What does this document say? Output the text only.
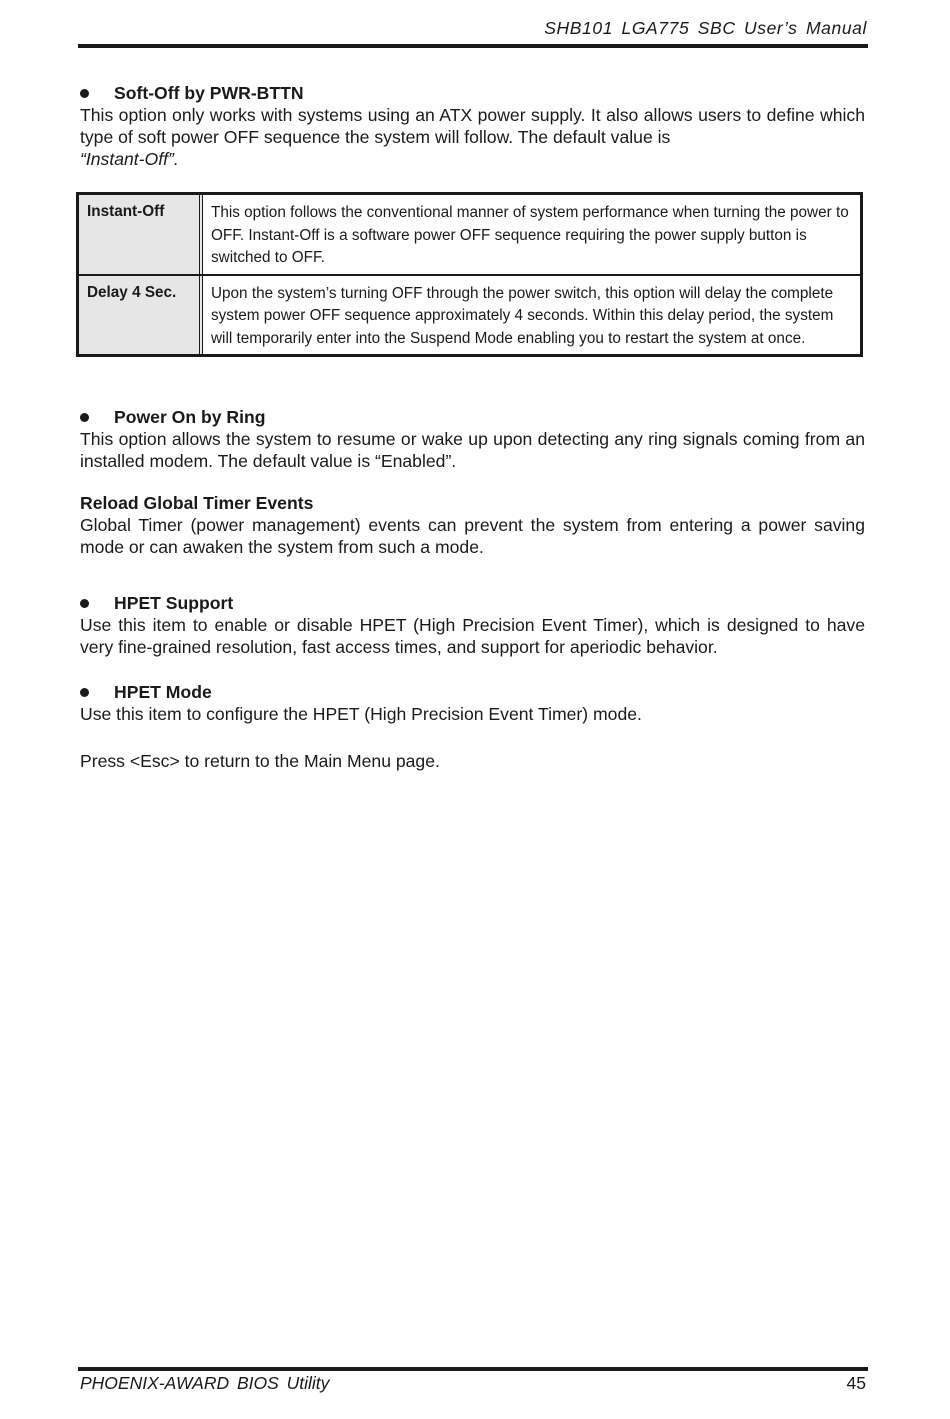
SHB101 LGA775 SBC User’s Manual
Soft-Off by PWR-BTTN

This option only works with systems using an ATX power supply. It also allows users to define which type of soft power OFF sequence the system will follow. The default value is
“Instant-Off”.

Power On by Ring

This option allows the system to resume or wake up upon detecting any ring signals coming from an installed modem. The default value is “Enabled”.

Reload Global Timer Events

Global Timer (power management) events can prevent the system from entering a power saving mode or can awaken the system from such a mode.

HPET Support

Use this item to enable or disable HPET (High Precision Event Timer), which is designed to have very fine-grained resolution, fast access times, and support for aperiodic behavior.

HPET Mode

Use this item to configure the HPET (High Precision Event Timer) mode.

Press <Esc> to return to the Main Menu page.

Instant-Off	This option follows the conventional manner of system performance when turning the power to OFF. Instant-Off is a software power OFF sequence requiring the power supply button is switched to OFF.
Delay 4 Sec.	Upon the system’s turning OFF through the power switch, this option will delay the complete system power OFF sequence approximately 4 seconds. Within this delay period, the system will temporarily enter into the Suspend Mode enabling you to restart the system at once.
PHOENIX-AWARD BIOS Utility	45
